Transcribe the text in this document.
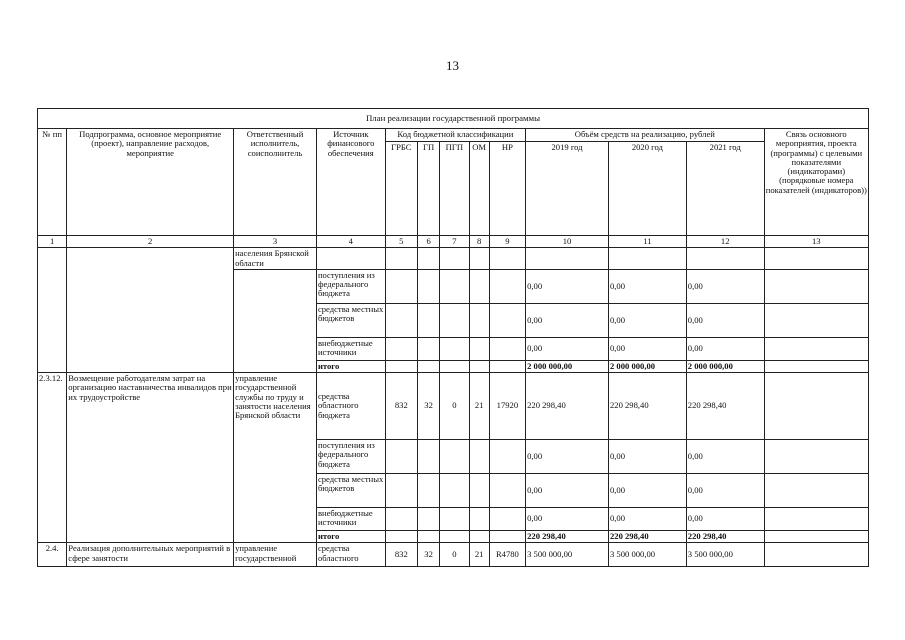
13
План реализации государственной программы												
№ пп	Подпрограмма, основное мероприятие (проект), направление расходов, мероприятие	Ответственный исполнитель, соисполнитель	Источник финансового обеспечения	Код бюджетной классификации					Объём средств на реализацию, рублей			Связь основного мероприятия, проекта (программы) с целевыми показателями (индикаторами) (порядковые номера показателей (индикаторов))
				ГРБС	ГП	ПГП	ОМ	НР	2019 год	2020 год	2021 год	
1	2	3	4	5	6	7	8	9	10	11	12	13
		населения Брянской области										
			поступления из федерального бюджета						0,00	0,00	0,00	
			средства местных бюджетов						0,00	0,00	0,00	
			внебюджетные источники						0,00	0,00	0,00	
			итого						2 000 000,00	2 000 000,00	2 000 000,00	
2.3.12.	Возмещение работодателям затрат на организацию наставничества инвалидов при их трудоустройстве	управление государственной службы по труду и занятости населения Брянской области	средства областного бюджета	832	32	0	21	17920	220 298,40	220 298,40	220 298,40	
			поступления из федерального бюджета						0,00	0,00	0,00	
			средства местных бюджетов						0,00	0,00	0,00	
			внебюджетные источники						0,00	0,00	0,00	
			итого						220 298,40	220 298,40	220 298,40	
2.4.	Реализация дополнительных мероприятий в сфере занятости	управление государственной	средства областного	832	32	0	21	R4780	3 500 000,00	3 500 000,00	3 500 000,00	
